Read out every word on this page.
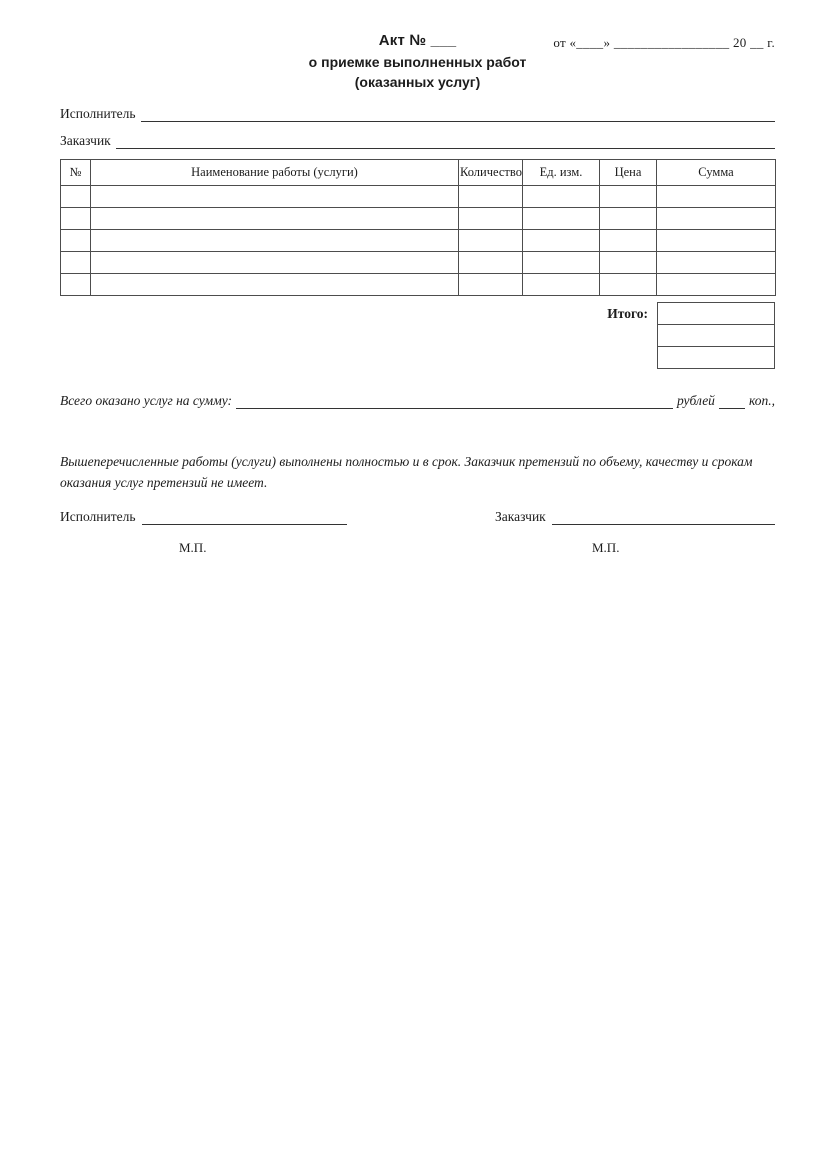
Акт № ___	от «____» _________________ 20 __ г.
о приемке выполненных работ
(оказанных услуг)
Исполнитель
Заказчик
№	Наименование работы (услуги)	Количество	Ед. изм.	Цена	Сумма

Итого:

Всего оказано услуг на сумму:	рублей	коп.,

Вышеперечисленные работы (услуги) выполнены полностью и в срок. Заказчик претензий по объему, качеству и срокам оказания услуг претензий не имеет.

Исполнитель	Заказчик
М.П.	М.П.
